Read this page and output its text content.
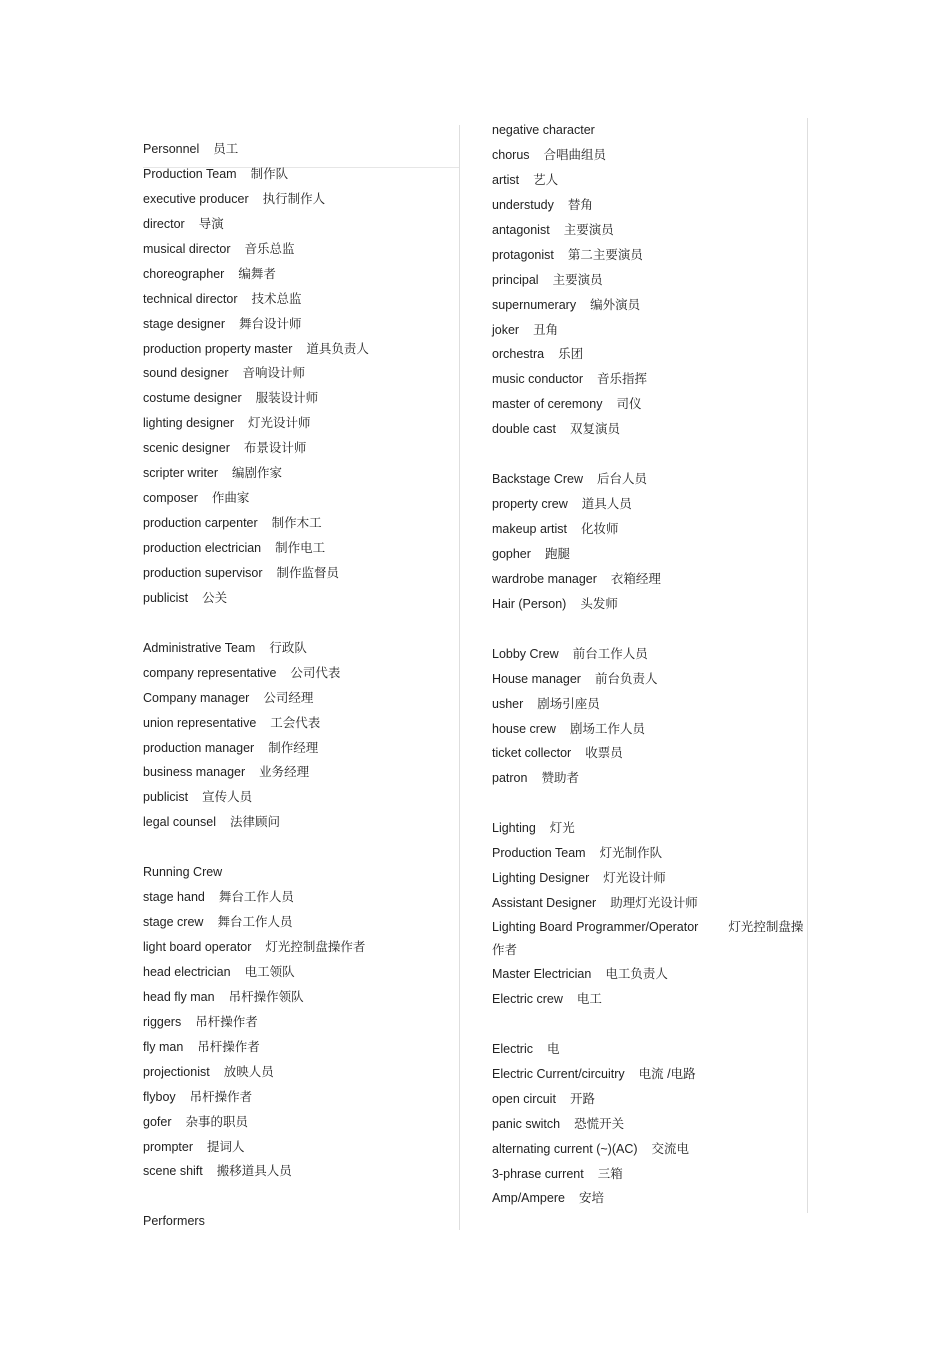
Personnel 员工
Production Team 制作队
executive producer 执行制作人
director 导演
musical director 音乐总监
choreographer 编舞者
technical director 技术总监
stage designer 舞台设计师
production property master 道具负责人
sound designer 音响设计师
costume designer 服装设计师
lighting designer 灯光设计师
scenic designer 布景设计师
scripter writer 编剧作家
composer 作曲家
production carpenter 制作木工
production electrician 制作电工
production supervisor 制作监督员
publicist 公关
Administrative Team 行政队
company representative 公司代表
Company manager 公司经理
union representative 工会代表
production manager 制作经理
business manager 业务经理
publicist 宣传人员
legal counsel 法律顾问
Running Crew
stage hand 舞台工作人员
stage crew 舞台工作人员
light board operator 灯光控制盘操作者
head electrician 电工领队
head fly man 吊杆操作领队
riggers 吊杆操作者
fly man 吊杆操作者
projectionist 放映人员
flyboy 吊杆操作者
gofer 杂事的职员
prompter 提词人
scene shift 搬移道具人员
Performers
negative character
chorus 合唱曲组员
artist 艺人
understudy 替角
antagonist 主要演员
protagonist 第二主要演员
principal 主要演员
supernumerary 编外演员
joker 丑角
orchestra 乐团
music conductor 音乐指挥
master of ceremony 司仪
double cast 双复演员
Backstage Crew 后台人员
property crew 道具人员
makeup artist 化妆师
gopher 跑腿
wardrobe manager 衣箱经理
Hair (Person) 头发师
Lobby Crew 前台工作人员
House manager 前台负责人
usher 剧场引座员
house crew 剧场工作人员
ticket collector 收票员
patron 赞助者
Lighting 灯光
Production Team 灯光制作队
Lighting Designer 灯光设计师
Assistant Designer 助理灯光设计师
Lighting Board Programmer/Operator 灯光控制盘操作者
Master Electrician 电工负责人
Electric crew 电工
Electric 电
Electric Current/circuitry 电流 /电路
open circuit 开路
panic switch 恐慌开关
alternating current (~)(AC) 交流电
3-phrase current 三箱
Amp/Ampere 安培
